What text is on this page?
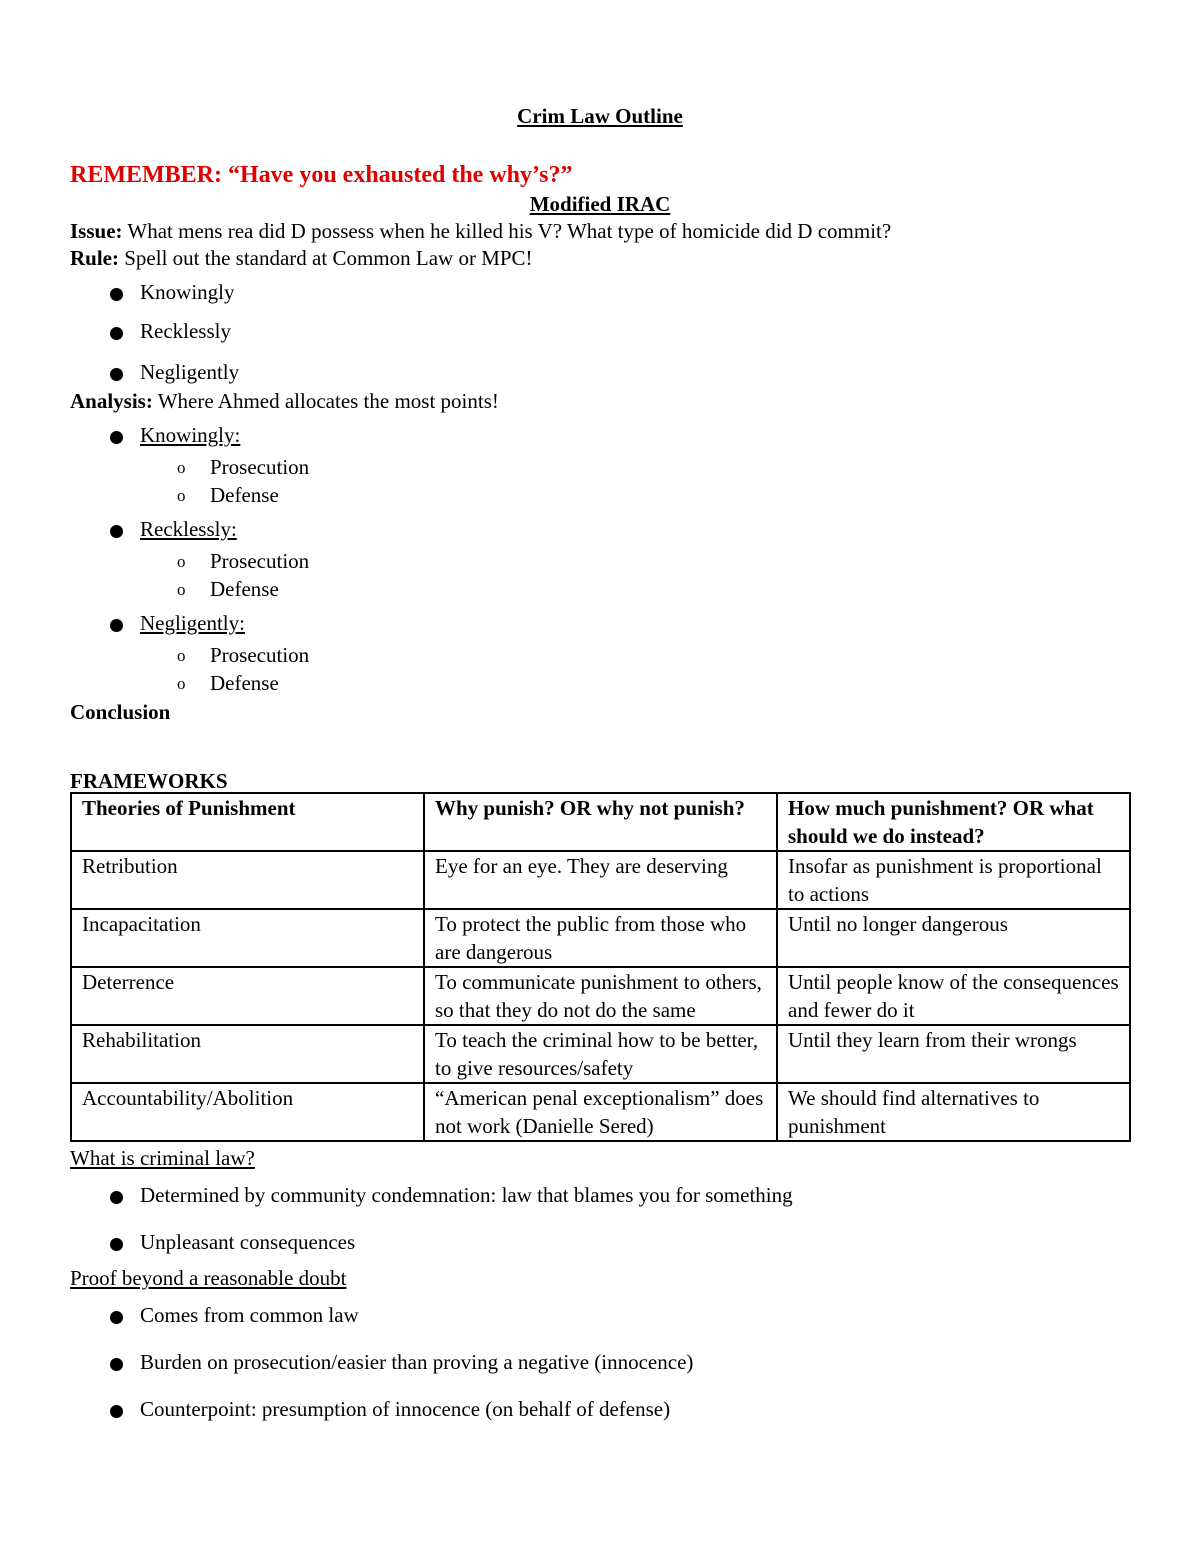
Crim Law Outline
REMEMBER: “Have you exhausted the why’s?”
Modified IRAC
Issue: What mens rea did D possess when he killed his V? What type of homicide did D commit?
Rule: Spell out the standard at Common Law or MPC!
Knowingly
Recklessly
Negligently
Analysis: Where Ahmed allocates the most points!
Knowingly:
o Prosecution
o Defense
Recklessly:
o Prosecution
o Defense
Negligently:
o Prosecution
o Defense
Conclusion
FRAMEWORKS
Theories of Punishment	Why punish? OR why not punish?	How much punishment? OR what should we do instead?
Retribution	Eye for an eye. They are deserving	Insofar as punishment is proportional to actions
Incapacitation	To protect the public from those who are dangerous	Until no longer dangerous
Deterrence	To communicate punishment to others, so that they do not do the same	Until people know of the consequences and fewer do it
Rehabilitation	To teach the criminal how to be better, to give resources/safety	Until they learn from their wrongs
Accountability/Abolition	“American penal exceptionalism” does not work (Danielle Sered)	We should find alternatives to punishment
What is criminal law?
Determined by community condemnation: law that blames you for something
Unpleasant consequences
Proof beyond a reasonable doubt
Comes from common law
Burden on prosecution/easier than proving a negative (innocence)
Counterpoint: presumption of innocence (on behalf of defense)
